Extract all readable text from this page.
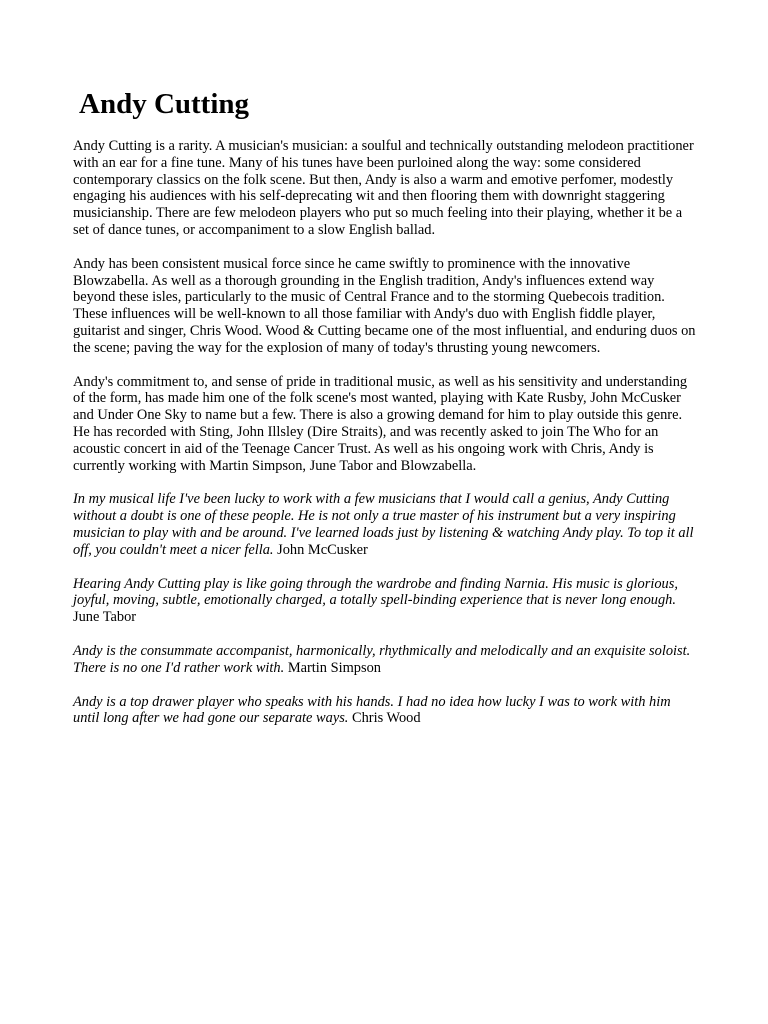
Andy Cutting

Andy Cutting is a rarity. A musician's musician: a soulful and technically outstanding melodeon practitioner with an ear for a fine tune. Many of his tunes have been purloined along the way: some considered contemporary classics on the folk scene. But then, Andy is also a warm and emotive perfomer, modestly engaging his audiences with his self-deprecating wit and then flooring them with downright staggering musicianship. There are few melodeon players who put so much feeling into their playing, whether it be a set of dance tunes, or accompaniment to a slow English ballad.

Andy has been consistent musical force since he came swiftly to prominence with the innovative Blowzabella. As well as a thorough grounding in the English tradition, Andy's influences extend way beyond these isles, particularly to the music of Central France and to the storming Quebecois tradition. These influences will be well-known to all those familiar with Andy's duo with English fiddle player, guitarist and singer, Chris Wood. Wood & Cutting became one of the most influential, and enduring duos on the scene; paving the way for the explosion of many of today's thrusting young newcomers.

Andy's commitment to, and sense of pride in traditional music, as well as his sensitivity and understanding of the form, has made him one of the folk scene's most wanted, playing with Kate Rusby, John McCusker and Under One Sky to name but a few. There is also a growing demand for him to play outside this genre. He has recorded with Sting, John Illsley (Dire Straits), and was recently asked to join The Who for an acoustic concert in aid of the Teenage Cancer Trust. As well as his ongoing work with Chris, Andy is currently working with Martin Simpson, June Tabor and Blowzabella.

In my musical life I've been lucky to work with a few musicians that I would call a genius, Andy Cutting without a doubt is one of these people. He is not only a true master of his instrument but a very inspiring musician to play with and be around. I've learned loads just by listening & watching Andy play. To top it all off, you couldn't meet a nicer fella. John McCusker

Hearing Andy Cutting play is like going through the wardrobe and finding Narnia. His music is glorious, joyful, moving, subtle, emotionally charged, a totally spell-binding experience that is never long enough. June Tabor

Andy is the consummate accompanist, harmonically, rhythmically and melodically and an exquisite soloist. There is no one I'd rather work with. Martin Simpson

Andy is a top drawer player who speaks with his hands. I had no idea how lucky I was to work with him until long after we had gone our separate ways. Chris Wood
